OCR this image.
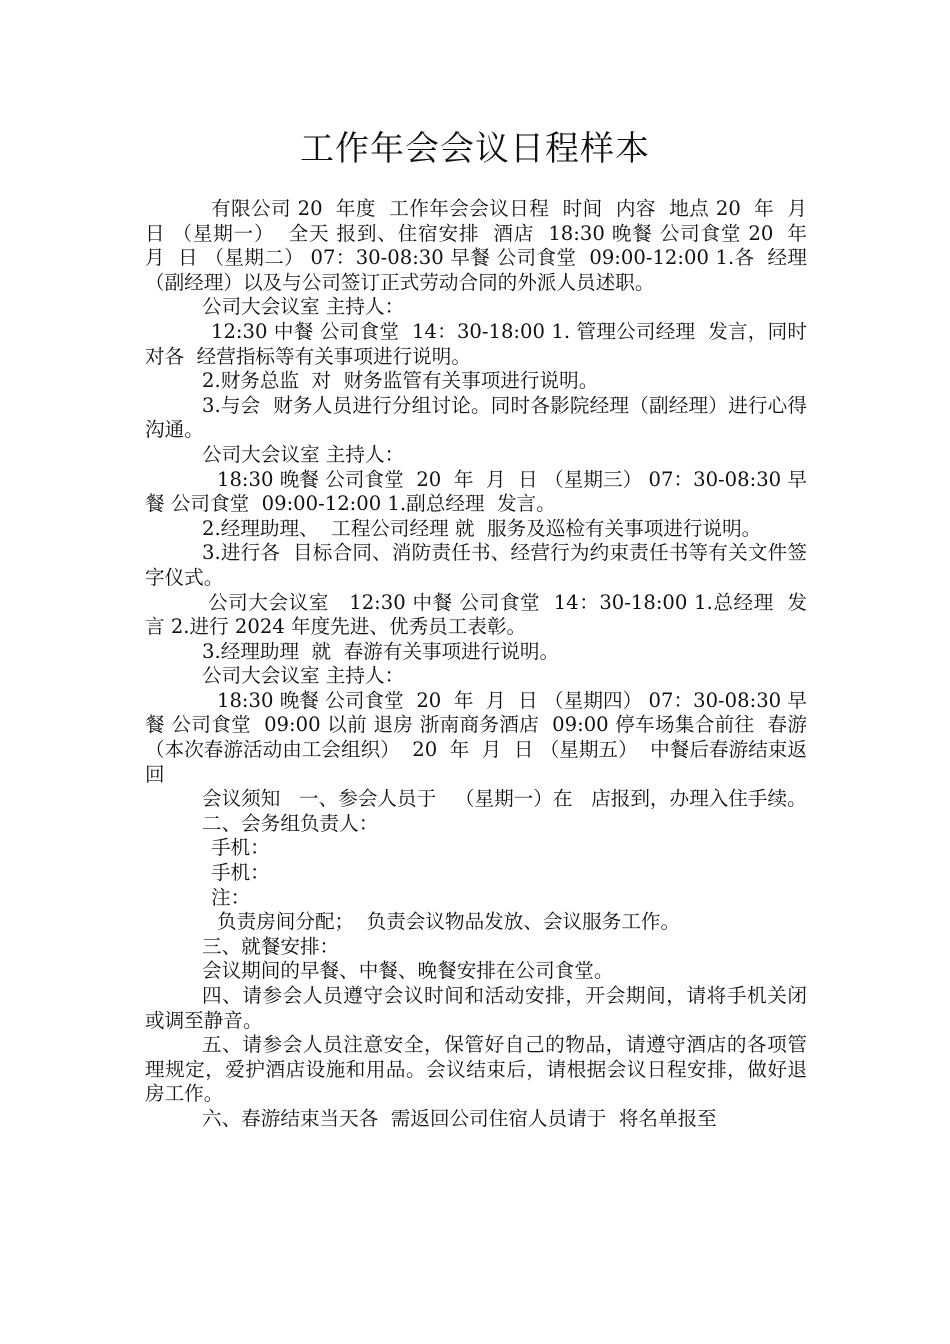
工作年会会议日程样本

有限公司 20  年度  工作年会会议日程  时间  内容  地点 20  年  月  日 （星期一）  全天 报到、住宿安排  酒店  18:30 晚餐 公司食堂 20  年  月  日 （星期二） 07：30-08:30 早餐 公司食堂  09:00-12:00 1.各  经理（副经理）以及与公司签订正式劳动合同的外派人员述职。

公司大会议室 主持人：

12:30 中餐 公司食堂  14：30-18:00 1. 管理公司经理  发言，同时对各  经营指标等有关事项进行说明。

2.财务总监  对  财务监管有关事项进行说明。

3.与会  财务人员进行分组讨论。同时各影院经理（副经理）进行心得沟通。

公司大会议室 主持人：

18:30 晚餐 公司食堂  20  年  月  日 （星期三） 07：30-08:30 早餐 公司食堂  09:00-12:00 1.副总经理  发言。

2.经理助理、  工程公司经理 就  服务及巡检有关事项进行说明。

3.进行各  目标合同、消防责任书、经营行为约束责任书等有关文件签字仪式。

公司大会议室   12:30 中餐 公司食堂  14：30-18:00 1.总经理  发言 2.进行 2024 年度先进、优秀员工表彰。

3.经理助理  就  春游有关事项进行说明。

公司大会议室 主持人：

18:30 晚餐 公司食堂  20  年  月  日 （星期四） 07：30-08:30 早餐 公司食堂  09:00 以前 退房 浙南商务酒店  09:00 停车场集合前往  春游 （本次春游活动由工会组织）  20  年  月  日 （星期五）  中餐后春游结束返回

会议须知   一、参会人员于   （星期一）在   店报到，办理入住手续。

二、会务组负责人：

手机：

手机：

注：

负责房间分配；  负责会议物品发放、会议服务工作。

三、就餐安排：

会议期间的早餐、中餐、晚餐安排在公司食堂。

四、请参会人员遵守会议时间和活动安排，开会期间，请将手机关闭或调至静音。

五、请参会人员注意安全，保管好自己的物品，请遵守酒店的各项管理规定，爱护酒店设施和用品。会议结束后，请根据会议日程安排，做好退房工作。

六、春游结束当天各  需返回公司住宿人员请于  将名单报至
